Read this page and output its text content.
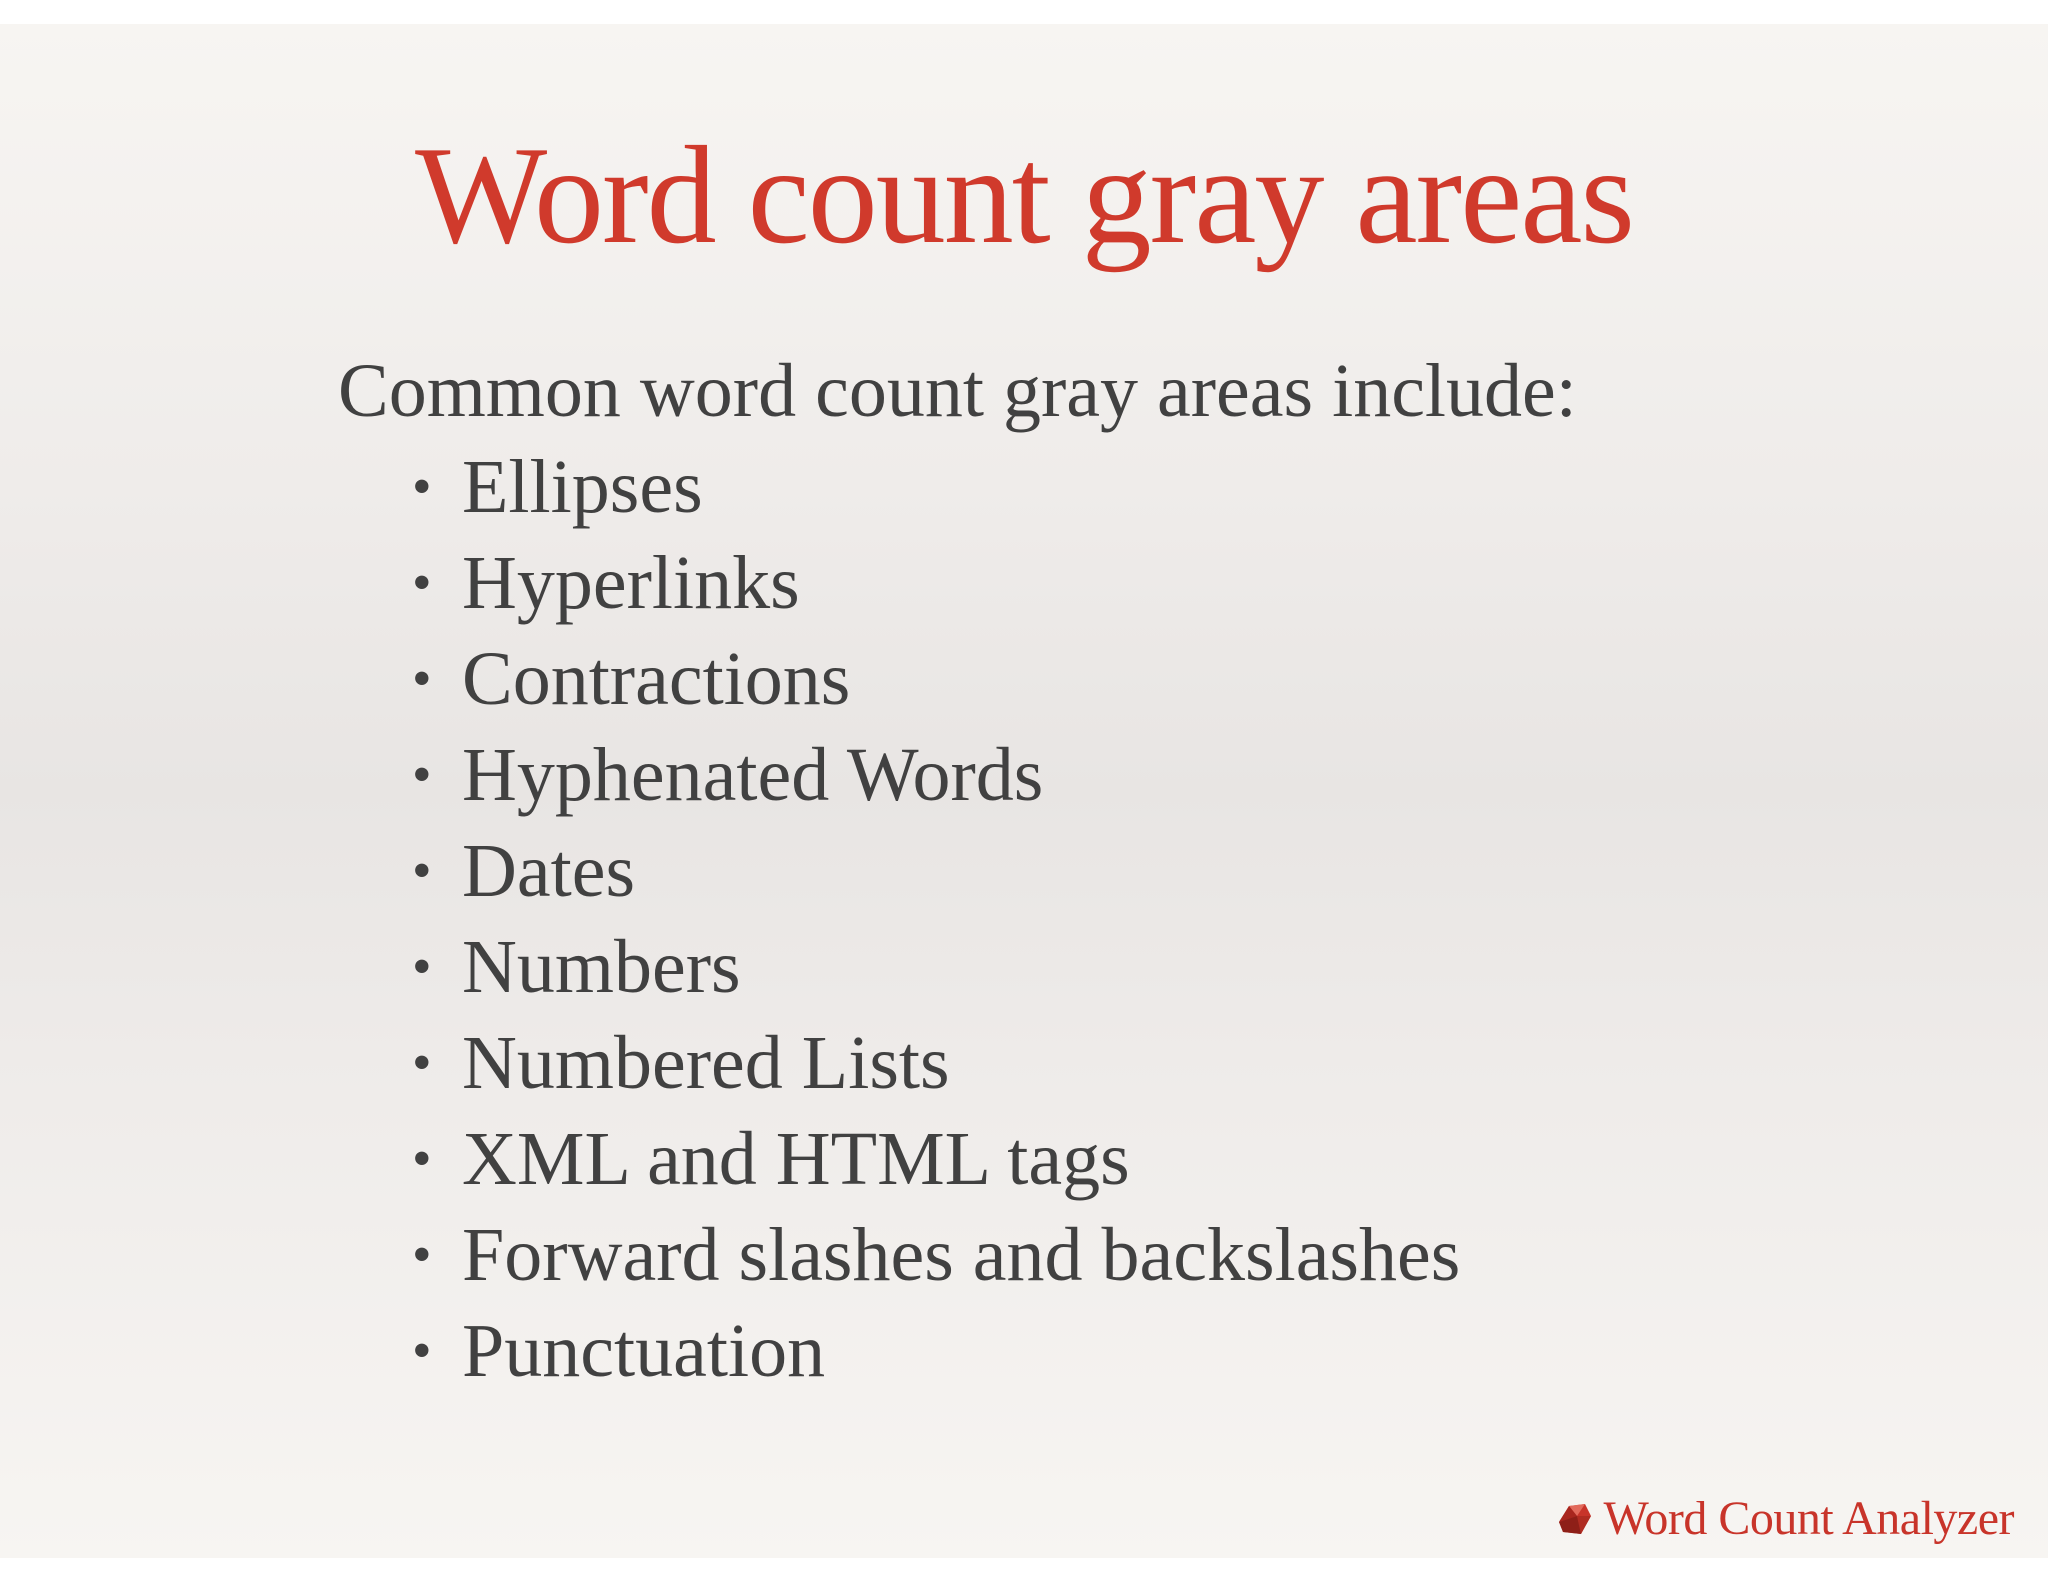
Word count gray areas
Common word count gray areas include:
• Ellipses
• Hyperlinks
• Contractions
• Hyphenated Words
• Dates
• Numbers
• Numbered Lists
• XML and HTML tags
• Forward slashes and backslashes
• Punctuation
Word Count Analyzer
